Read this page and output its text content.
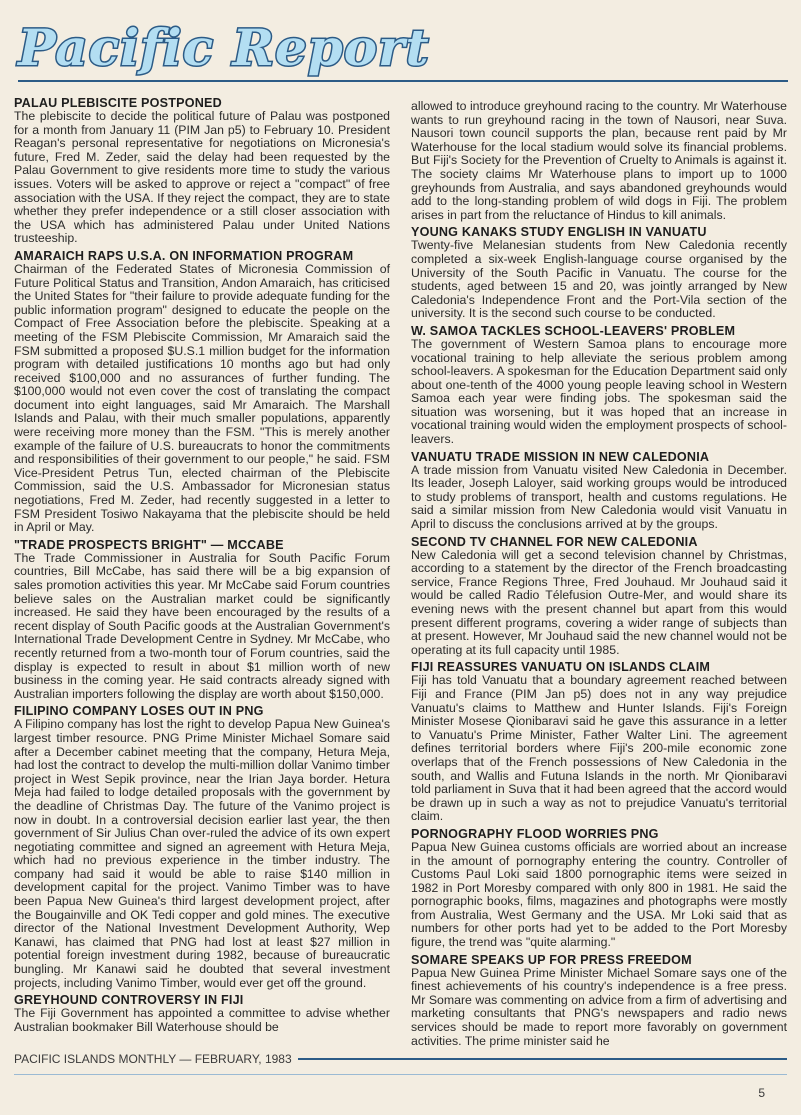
Pacific Report

PALAU PLEBISCITE POSTPONED

The plebiscite to decide the political future of Palau was postponed for a month from January 11 (PIM Jan p5) to February 10. President Reagan's personal representative for negotiations on Micronesia's future, Fred M. Zeder, said the delay had been requested by the Palau Government to give residents more time to study the various issues. Voters will be asked to approve or reject a "compact" of free association with the USA. If they reject the compact, they are to state whether they prefer independence or a still closer association with the USA which has administered Palau under United Nations trusteeship.

AMARAICH RAPS U.S.A. ON INFORMATION PROGRAM

Chairman of the Federated States of Micronesia Commission of Future Political Status and Transition, Andon Amaraich, has criticised the United States for "their failure to provide adequate funding for the public information program" designed to educate the people on the Compact of Free Association before the plebiscite. Speaking at a meeting of the FSM Plebiscite Commission, Mr Amaraich said the FSM submitted a proposed $U.S.1 million budget for the information program with detailed justifications 10 months ago but had only received $100,000 and no assurances of further funding. The $100,000 would not even cover the cost of translating the compact document into eight languages, said Mr Amaraich. The Marshall Islands and Palau, with their much smaller populations, apparently were receiving more money than the FSM. "This is merely another example of the failure of U.S. bureaucrats to honor the commitments and responsibilities of their government to our people," he said. FSM Vice-President Petrus Tun, elected chairman of the Plebiscite Commission, said the U.S. Ambassador for Micronesian status negotiations, Fred M. Zeder, had recently suggested in a letter to FSM President Tosiwo Nakayama that the plebiscite should be held in April or May.

"TRADE PROSPECTS BRIGHT" — MCCABE

The Trade Commissioner in Australia for South Pacific Forum countries, Bill McCabe, has said there will be a big expansion of sales promotion activities this year. Mr McCabe said Forum countries believe sales on the Australian market could be significantly increased. He said they have been encouraged by the results of a recent display of South Pacific goods at the Australian Government's International Trade Development Centre in Sydney. Mr McCabe, who recently returned from a two-month tour of Forum countries, said the display is expected to result in about $1 million worth of new business in the coming year. He said contracts already signed with Australian importers following the display are worth about $150,000.

FILIPINO COMPANY LOSES OUT IN PNG

A Filipino company has lost the right to develop Papua New Guinea's largest timber resource. PNG Prime Minister Michael Somare said after a December cabinet meeting that the company, Hetura Meja, had lost the contract to develop the multi-million dollar Vanimo timber project in West Sepik province, near the Irian Jaya border. Hetura Meja had failed to lodge detailed proposals with the government by the deadline of Christmas Day. The future of the Vanimo project is now in doubt. In a controversial decision earlier last year, the then government of Sir Julius Chan over-ruled the advice of its own expert negotiating committee and signed an agreement with Hetura Meja, which had no previous experience in the timber industry. The company had said it would be able to raise $140 million in development capital for the project. Vanimo Timber was to have been Papua New Guinea's third largest development project, after the Bougainville and OK Tedi copper and gold mines. The executive director of the National Investment Development Authority, Wep Kanawi, has claimed that PNG had lost at least $27 million in potential foreign investment during 1982, because of bureaucratic bungling. Mr Kanawi said he doubted that several investment projects, including Vanimo Timber, would ever get off the ground.

GREYHOUND CONTROVERSY IN FIJI

The Fiji Government has appointed a committee to advise whether Australian bookmaker Bill Waterhouse should be

allowed to introduce greyhound racing to the country. Mr Waterhouse wants to run greyhound racing in the town of Nausori, near Suva. Nausori town council supports the plan, because rent paid by Mr Waterhouse for the local stadium would solve its financial problems. But Fiji's Society for the Prevention of Cruelty to Animals is against it. The society claims Mr Waterhouse plans to import up to 1000 greyhounds from Australia, and says abandoned greyhounds would add to the long-standing problem of wild dogs in Fiji. The problem arises in part from the reluctance of Hindus to kill animals.

YOUNG KANAKS STUDY ENGLISH IN VANUATU

Twenty-five Melanesian students from New Caledonia recently completed a six-week English-language course organised by the University of the South Pacific in Vanuatu. The course for the students, aged between 15 and 20, was jointly arranged by New Caledonia's Independence Front and the Port-Vila section of the university. It is the second such course to be conducted.

W. SAMOA TACKLES SCHOOL-LEAVERS' PROBLEM

The government of Western Samoa plans to encourage more vocational training to help alleviate the serious problem among school-leavers. A spokesman for the Education Department said only about one-tenth of the 4000 young people leaving school in Western Samoa each year were finding jobs. The spokesman said the situation was worsening, but it was hoped that an increase in vocational training would widen the employment prospects of school-leavers.

VANUATU TRADE MISSION IN NEW CALEDONIA

A trade mission from Vanuatu visited New Caledonia in December. Its leader, Joseph Laloyer, said working groups would be introduced to study problems of transport, health and customs regulations. He said a similar mission from New Caledonia would visit Vanuatu in April to discuss the conclusions arrived at by the groups.

SECOND TV CHANNEL FOR NEW CALEDONIA

New Caledonia will get a second television channel by Christmas, according to a statement by the director of the French broadcasting service, France Regions Three, Fred Jouhaud. Mr Jouhaud said it would be called Radio Télefusion Outre-Mer, and would share its evening news with the present channel but apart from this would present different programs, covering a wider range of subjects than at present. However, Mr Jouhaud said the new channel would not be operating at its full capacity until 1985.

FIJI REASSURES VANUATU ON ISLANDS CLAIM

Fiji has told Vanuatu that a boundary agreement reached between Fiji and France (PIM Jan p5) does not in any way prejudice Vanuatu's claims to Matthew and Hunter Islands. Fiji's Foreign Minister Mosese Qionibaravi said he gave this assurance in a letter to Vanuatu's Prime Minister, Father Walter Lini. The agreement defines territorial borders where Fiji's 200-mile economic zone overlaps that of the French possessions of New Caledonia in the south, and Wallis and Futuna Islands in the north. Mr Qionibaravi told parliament in Suva that it had been agreed that the accord would be drawn up in such a way as not to prejudice Vanuatu's territorial claim.

PORNOGRAPHY FLOOD WORRIES PNG

Papua New Guinea customs officials are worried about an increase in the amount of pornography entering the country. Controller of Customs Paul Loki said 1800 pornographic items were seized in 1982 in Port Moresby compared with only 800 in 1981. He said the pornographic books, films, magazines and photographs were mostly from Australia, West Germany and the USA. Mr Loki said that as numbers for other ports had yet to be added to the Port Moresby figure, the trend was "quite alarming."

SOMARE SPEAKS UP FOR PRESS FREEDOM

Papua New Guinea Prime Minister Michael Somare says one of the finest achievements of his country's independence is a free press. Mr Somare was commenting on advice from a firm of advertising and marketing consultants that PNG's newspapers and radio news services should be made to report more favorably on government activities. The prime minister said he

PACIFIC ISLANDS MONTHLY — FEBRUARY, 1983
5
